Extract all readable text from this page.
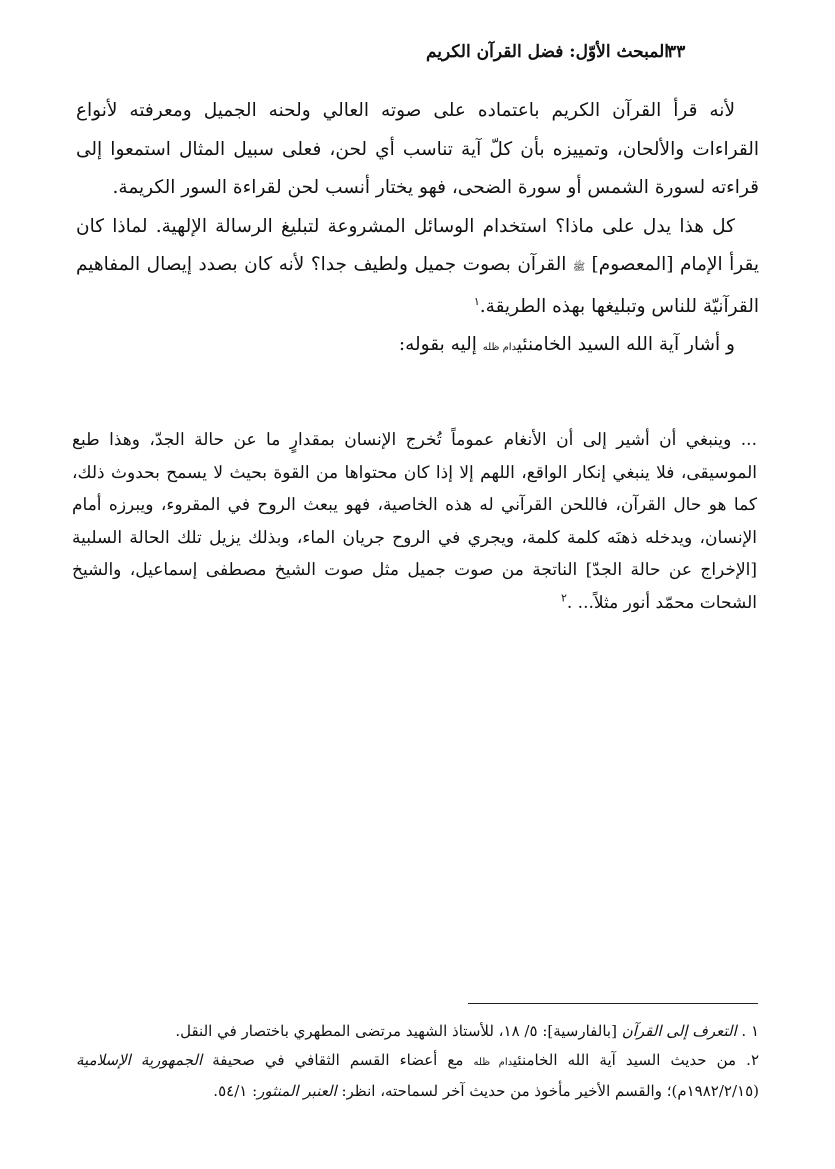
المبحث الأوّل: فضل القرآن الكريم
٣٣

لأنه قرأ القرآن الكريم باعتماده على صوته العالي ولحنه الجميل ومعرفته لأنواع القراءات والألحان، وتمييزه بأن كلّ آية تناسب أي لحن، فعلى سبيل المثال استمعوا إلى قراءته لسورة الشمس أو سورة الضحى، فهو يختار أنسب لحن لقراءة السور الكريمة.

كل هذا يدل على ماذا؟ استخدام الوسائل المشروعة لتبليغ الرسالة الإلهية. لماذا كان يقرأ الإمام [المعصوم] ﷺ القرآن بصوت جميل ولطيف جدا؟ لأنه كان بصدد إيصال المفاهيم القرآنيّة للناس وتبليغها بهذه الطريقة.$^١$

و أشار آية الله السيد الخامنئيدام ظله إليه بقوله:

... وينبغي أن أشير إلى أن الأنغام عموماً تُخرج الإنسان بمقدارٍ ما عن حالة الجدّ، وهذا طبع الموسيقى، فلا ينبغي إنكار الواقع، اللهم إلا إذا كان محتواها من القوة بحيث لا يسمح بحدوث ذلك، كما هو حال القرآن، فاللحن القرآني له هذه الخاصية، فهو يبعث الروح في المقروء، ويبرزه أمام الإنسان، ويدخله ذهنَه كلمة كلمة، ويجري في الروح جريان الماء، وبذلك يزيل تلك الحالة السلبية [الإخراج عن حالة الجدّ] الناتجة من صوت جميل مثل صوت الشيخ مصطفى إسماعيل، والشيخ الشحات محمّد أنور مثلاً... .$^٢$

١ . التعرف إلى القرآن [بالفارسية]: ٥/ ١٨، للأستاذ الشهيد مرتضى المطهري باختصار في النقل.

٢. من حديث السيد آية الله الخامنئيدام ظله مع أعضاء القسم الثقافي في صحيفة الجمهورية الإسلامية (١٩٨٢/٢/١٥م)؛ والقسم الأخير مأخوذ من حديث آخر لسماحته، انظر: العنبر المنثور: ٥٤/١.
